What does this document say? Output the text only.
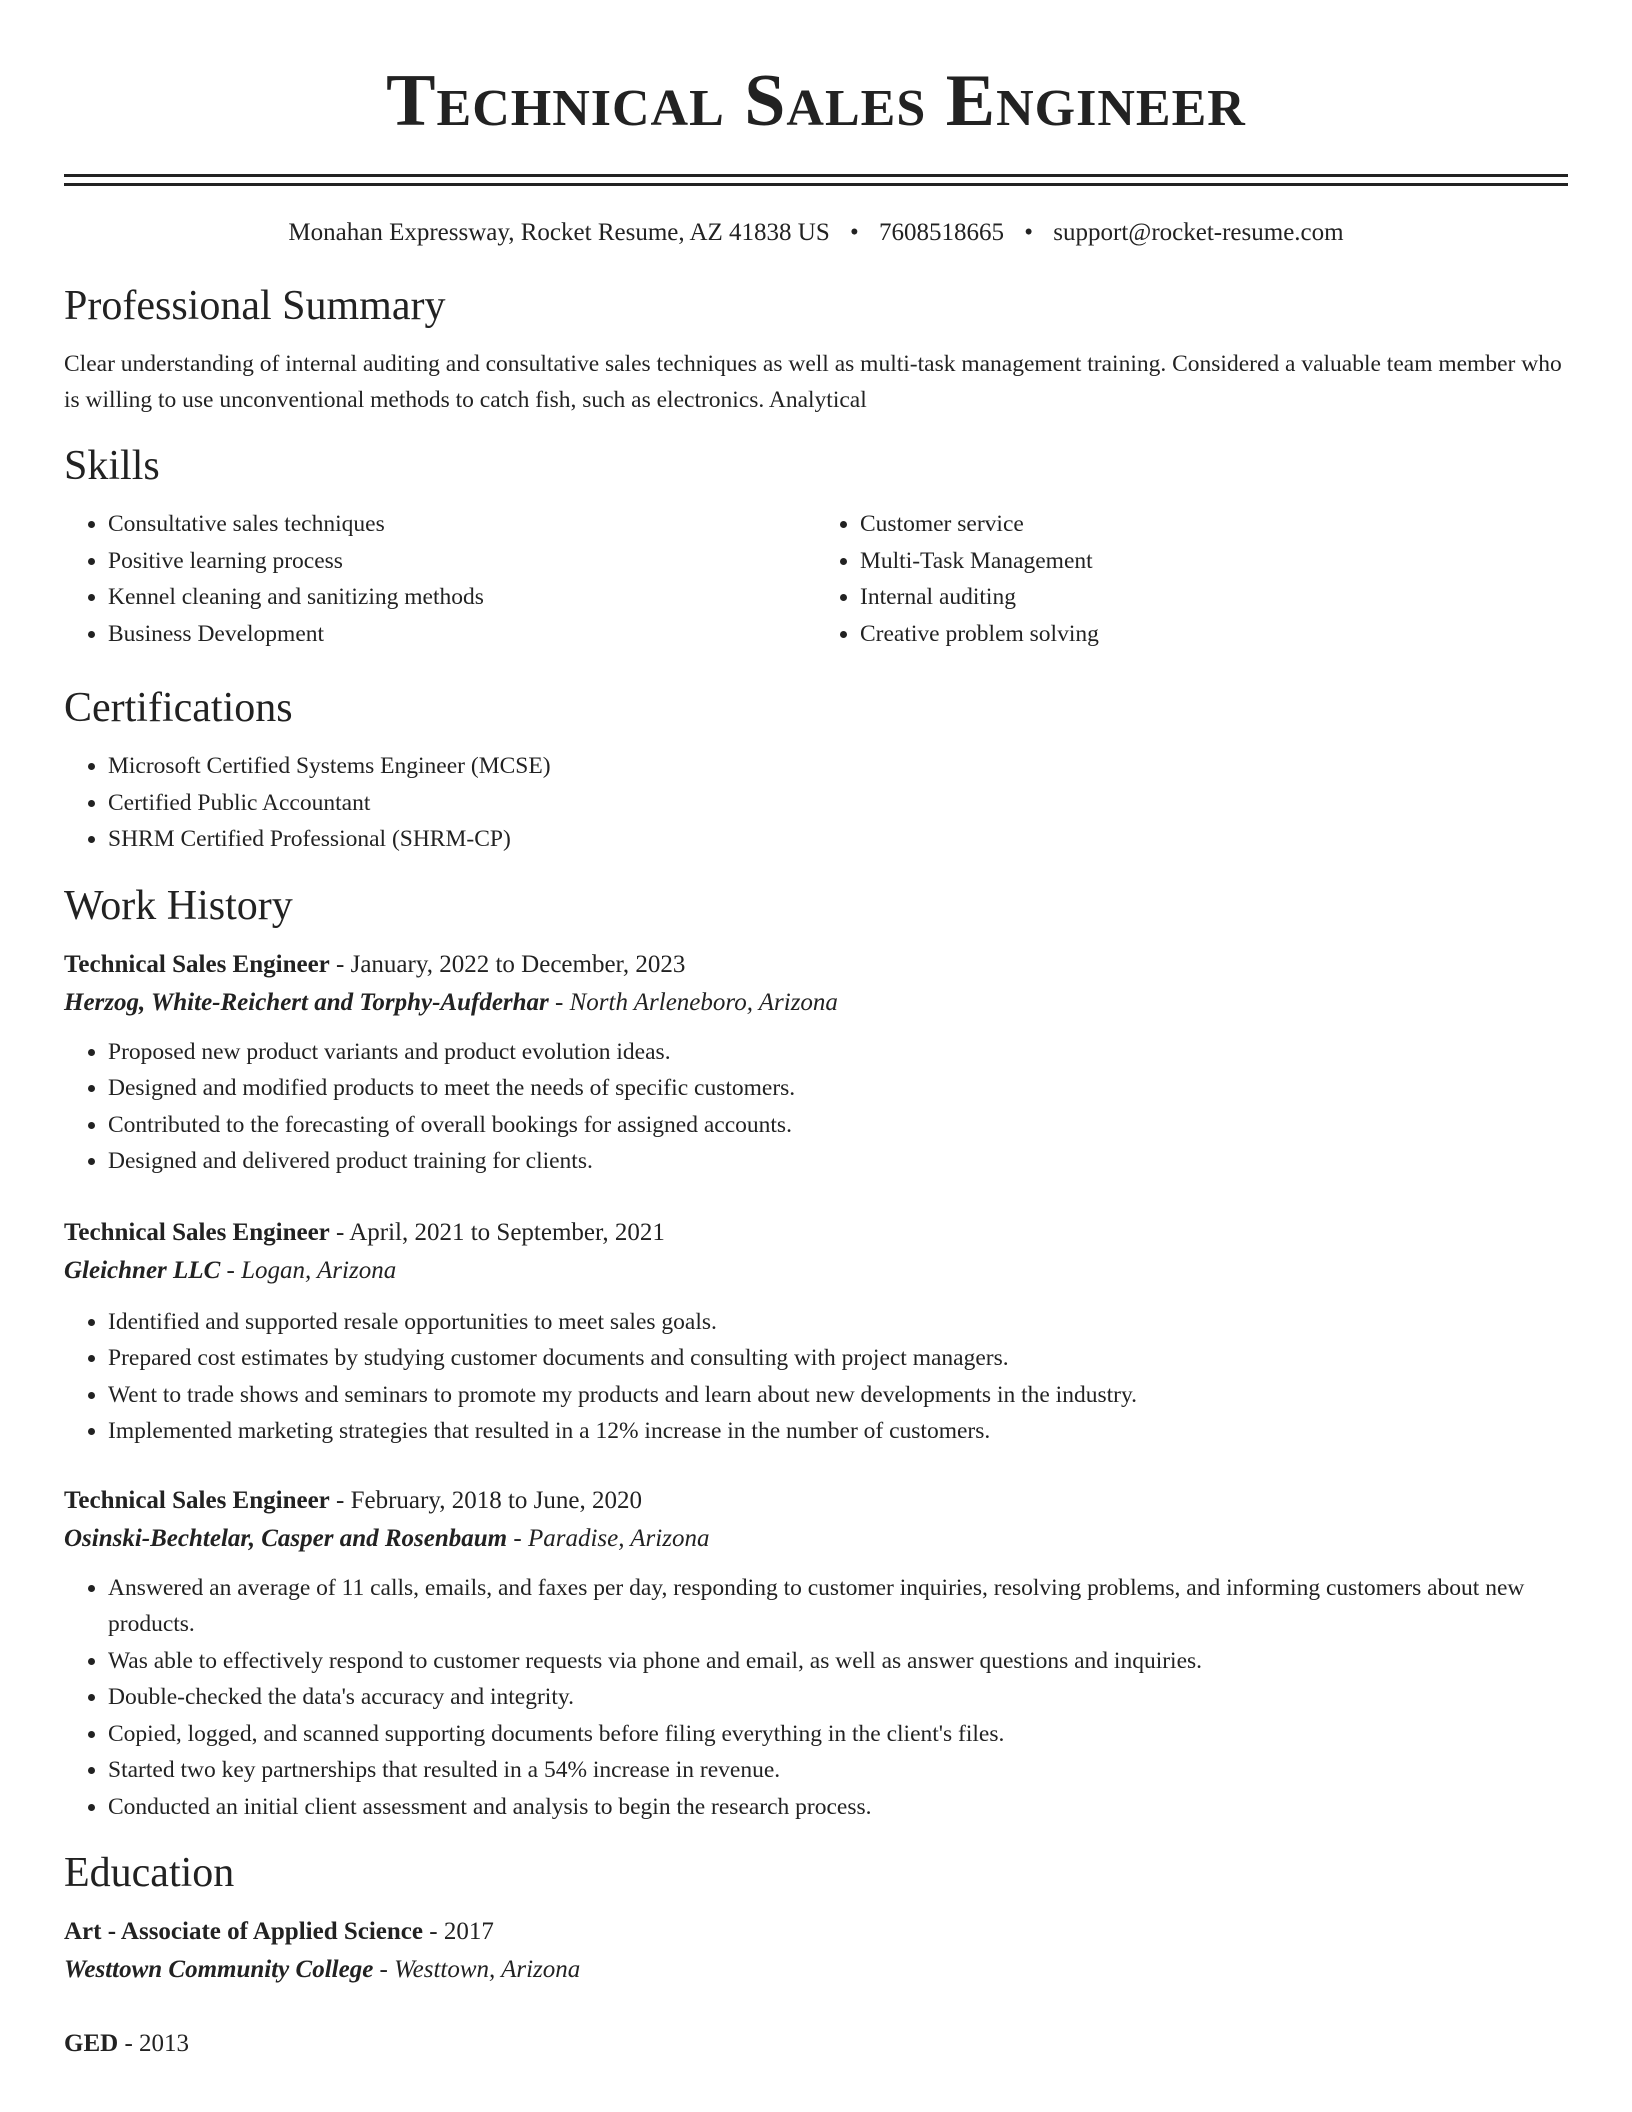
Technical Sales Engineer
Monahan Expressway, Rocket Resume, AZ 41838 US • 7608518665 • support@rocket-resume.com
Professional Summary

Clear understanding of internal auditing and consultative sales techniques as well as multi-task management training. Considered a valuable team member who is willing to use unconventional methods to catch fish, such as electronics. Analytical

Skills
• Consultative sales techniques
• Positive learning process
• Kennel cleaning and sanitizing methods
• Business Development
• Customer service
• Multi-Task Management
• Internal auditing
• Creative problem solving
Certifications
• Microsoft Certified Systems Engineer (MCSE)
• Certified Public Accountant
• SHRM Certified Professional (SHRM-CP)
Work History
Technical Sales Engineer - January, 2022 to December, 2023
Herzog, White-Reichert and Torphy-Aufderhar - North Arleneboro, Arizona
• Proposed new product variants and product evolution ideas.
• Designed and modified products to meet the needs of specific customers.
• Contributed to the forecasting of overall bookings for assigned accounts.
• Designed and delivered product training for clients.
Technical Sales Engineer - April, 2021 to September, 2021
Gleichner LLC - Logan, Arizona
• Identified and supported resale opportunities to meet sales goals.
• Prepared cost estimates by studying customer documents and consulting with project managers.
• Went to trade shows and seminars to promote my products and learn about new developments in the industry.
• Implemented marketing strategies that resulted in a 12% increase in the number of customers.
Technical Sales Engineer - February, 2018 to June, 2020
Osinski-Bechtelar, Casper and Rosenbaum - Paradise, Arizona
• Answered an average of 11 calls, emails, and faxes per day, responding to customer inquiries, resolving problems, and informing customers about new products.
• Was able to effectively respond to customer requests via phone and email, as well as answer questions and inquiries.
• Double-checked the data's accuracy and integrity.
• Copied, logged, and scanned supporting documents before filing everything in the client's files.
• Started two key partnerships that resulted in a 54% increase in revenue.
• Conducted an initial client assessment and analysis to begin the research process.
Education
Art - Associate of Applied Science - 2017
Westtown Community College - Westtown, Arizona
GED - 2013
